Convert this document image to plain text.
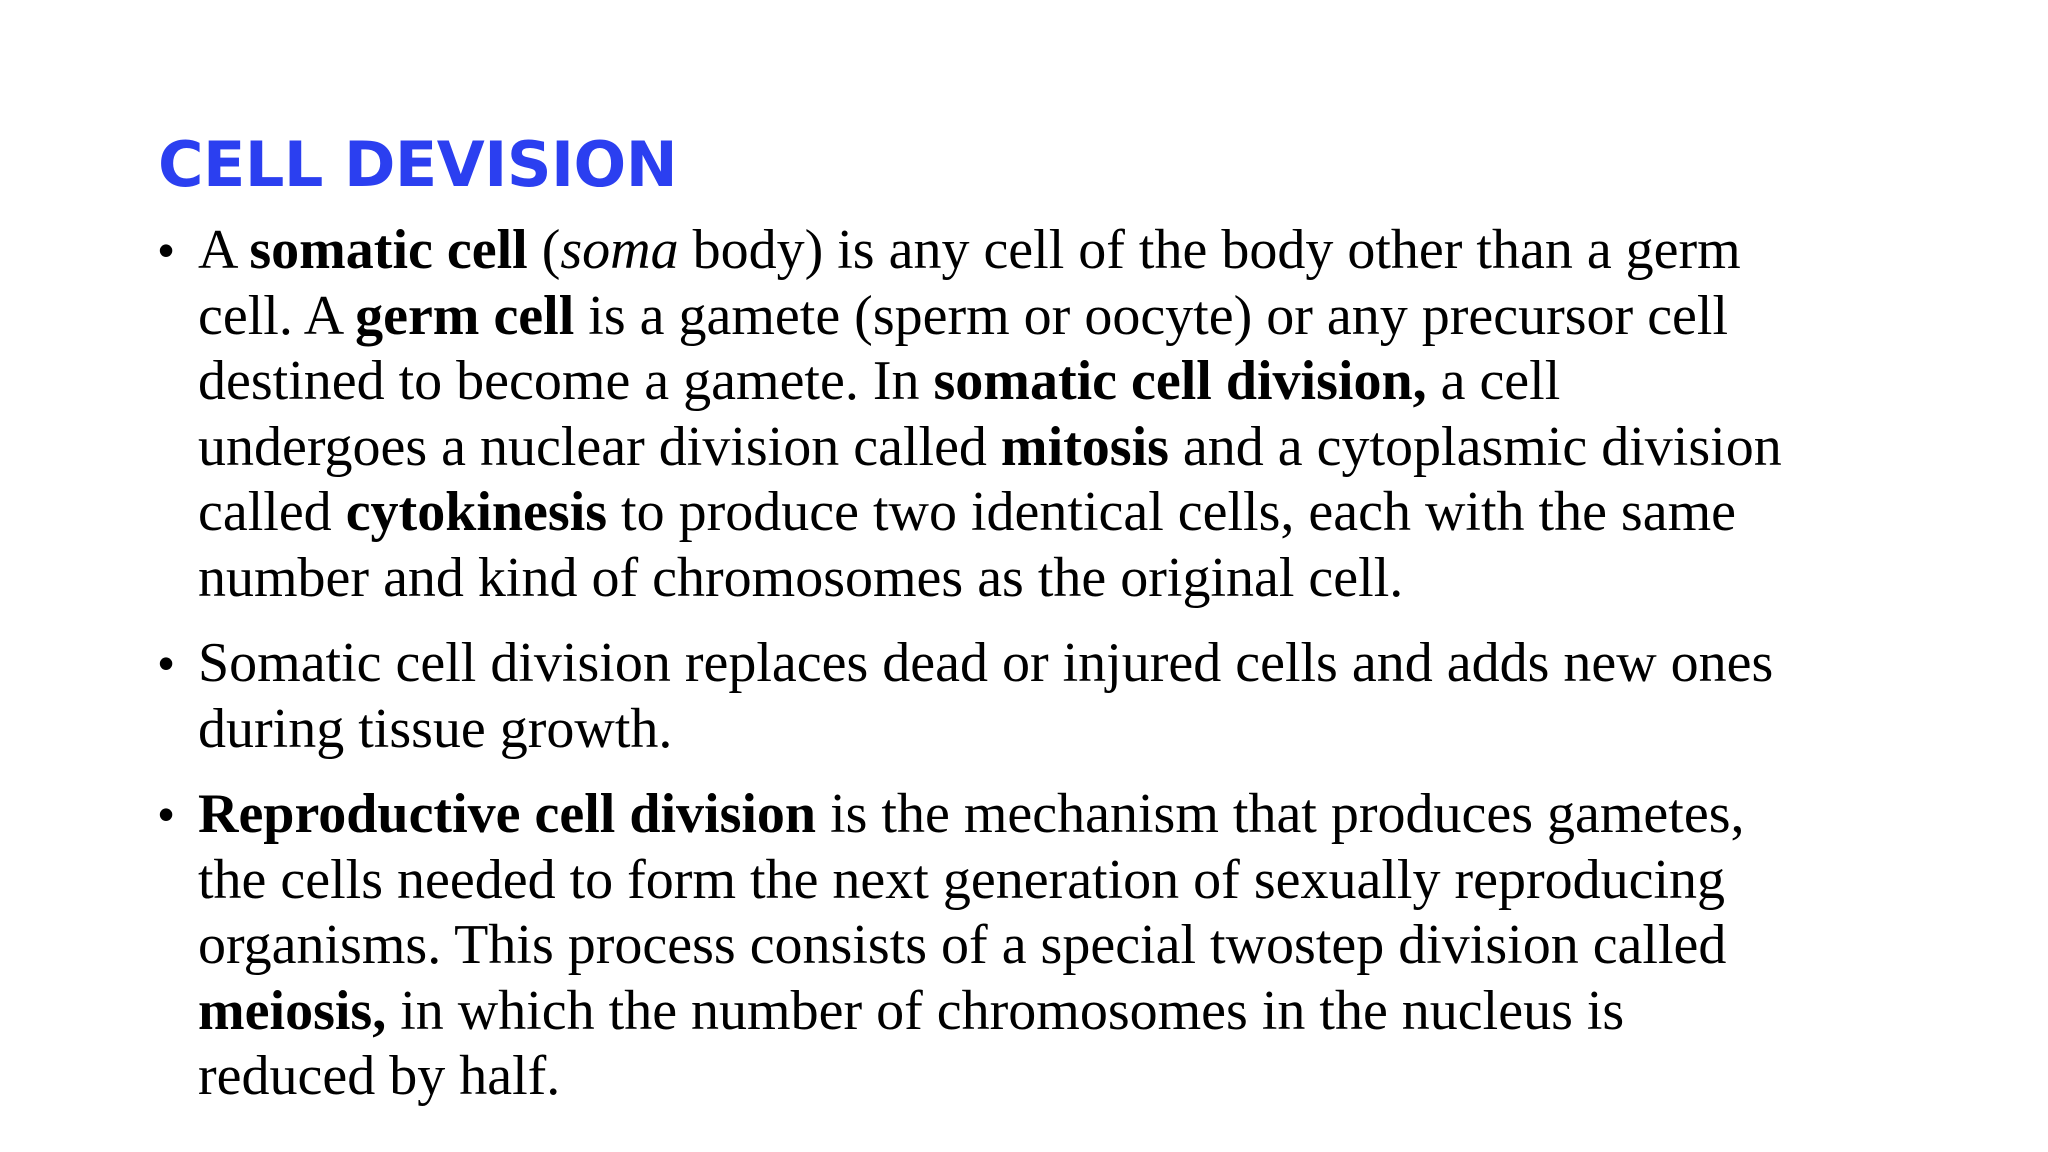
CELL DEVISION
• A somatic cell (soma body) is any cell of the body other than a germ
cell. A germ cell is a gamete (sperm or oocyte) or any precursor cell
destined to become a gamete. In somatic cell division, a cell
undergoes a nuclear division called mitosis and a cytoplasmic division
called cytokinesis to produce two identical cells, each with the same
number and kind of chromosomes as the original cell.
• Somatic cell division replaces dead or injured cells and adds new ones
during tissue growth.
• Reproductive cell division is the mechanism that produces gametes,
the cells needed to form the next generation of sexually reproducing
organisms. This process consists of a special twostep division called
meiosis, in which the number of chromosomes in the nucleus is
reduced by half.
